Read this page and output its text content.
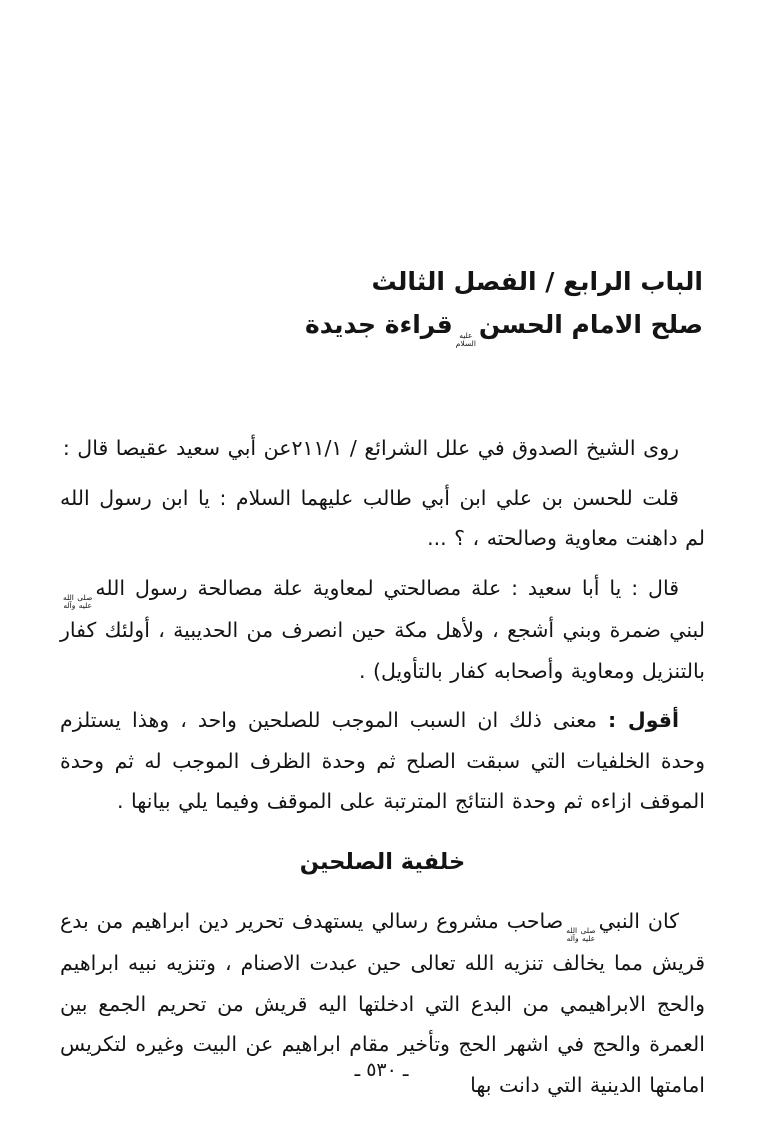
الباب الرابع / الفصل الثالث
صلح الامام الحسن
عليه
السلام
قراءة جديدة

روى الشيخ الصدوق في علل الشرائع / ٢١١/١عن أبي سعيد عقيصا قال :

قلت للحسن بن علي ابن أبي طالب عليهما السلام : يا ابن رسول الله لم داهنت معاوية وصالحته ، ؟ ...

قال : يا أبا سعيد : علة مصالحتي لمعاوية علة مصالحة رسول الله
صلى الله
عليه وآله
لبني ضمرة وبني أشجع ، ولأهل مكة حين انصرف من الحديبية ، أولئك كفار بالتنزيل ومعاوية وأصحابه كفار بالتأويل) .

أقول : معنى ذلك ان السبب الموجب للصلحين واحد ، وهذا يستلزم وحدة الخلفيات التي سبقت الصلح ثم وحدة الظرف الموجب له ثم وحدة الموقف ازاءه ثم وحدة النتائج المترتبة على الموقف وفيما يلي بيانها .

خلفية الصلحين

كان النبي
صلى الله
عليه وآله
صاحب مشروع رسالي يستهدف تحرير دين ابراهيم من بدع قريش مما يخالف تنزيه الله تعالى حين عبدت الاصنام ، وتنزيه نبيه ابراهيم والحج الابراهيمي من البدع التي ادخلتها اليه قريش من تحريم الجمع بين العمرة والحج في اشهر الحج وتأخير مقام ابراهيم عن البيت وغيره لتكريس امامتها الدينية التي دانت بها

ـ ٥٣٠ ـ
